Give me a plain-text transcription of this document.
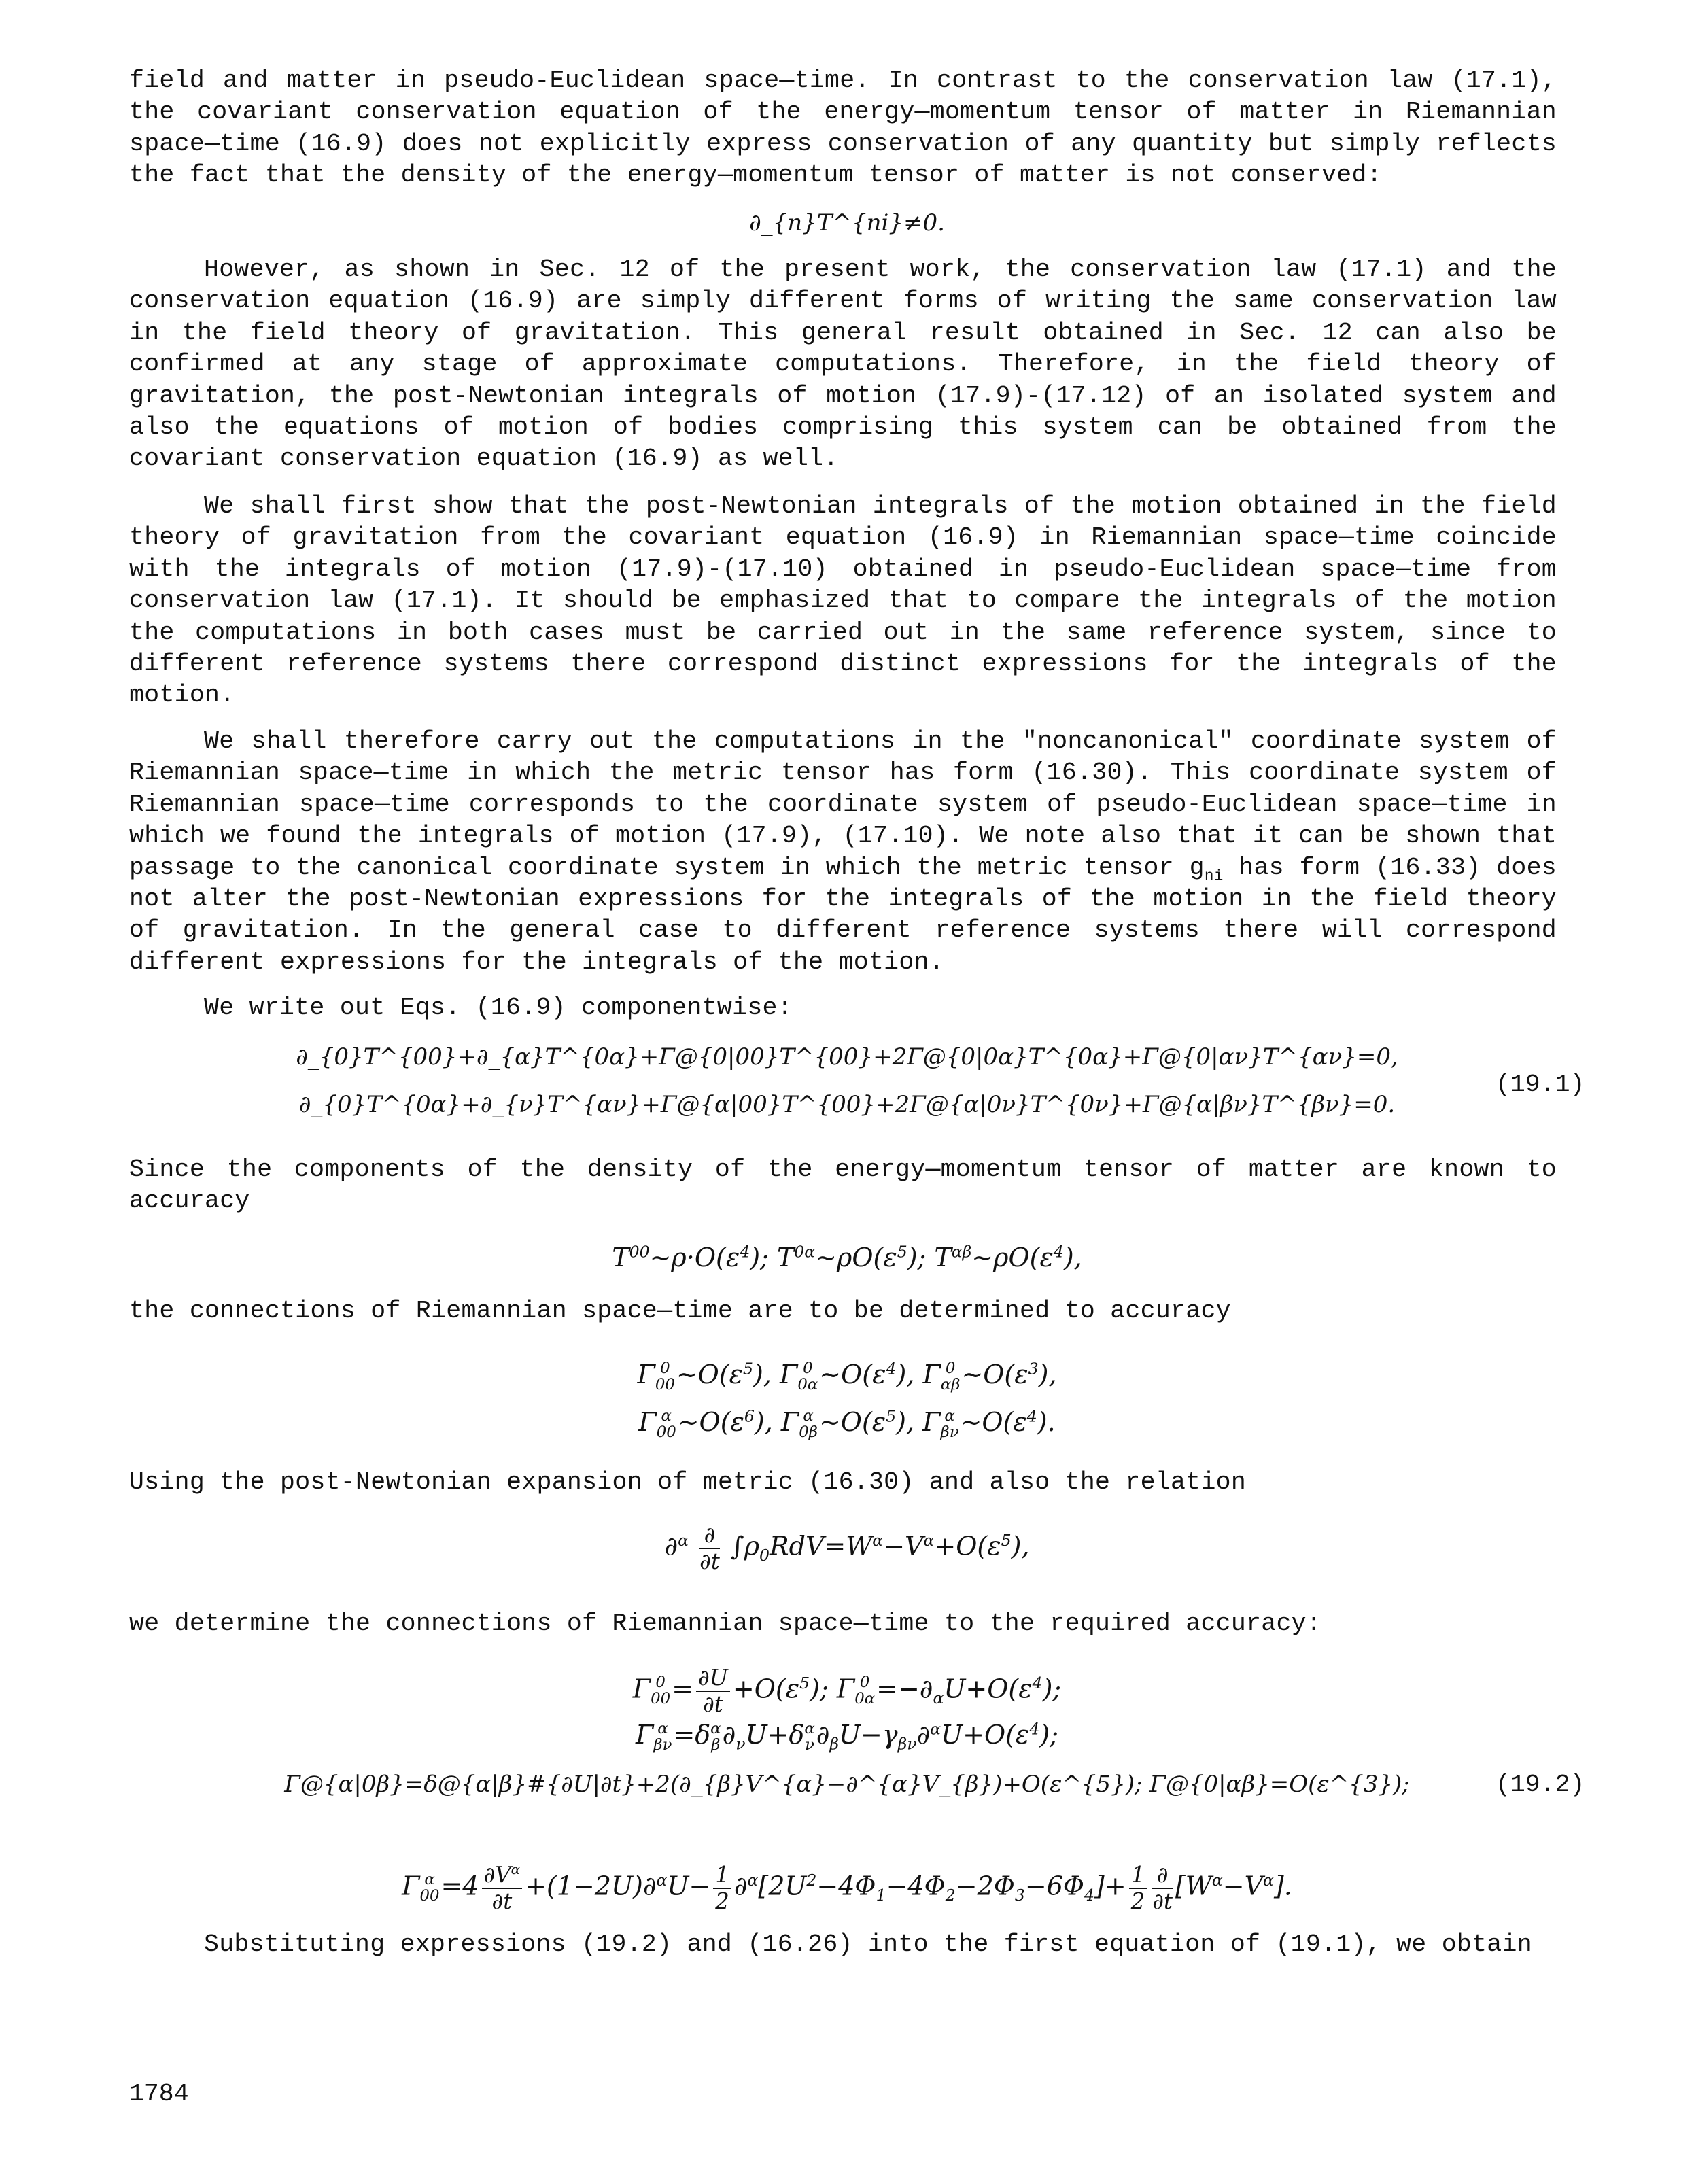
field and matter in pseudo-Euclidean space—time. In contrast to the conservation law (17.1), the covariant conservation equation of the energy—momentum tensor of matter in Riemannian space—time (16.9) does not explicitly express conservation of any quantity but simply reflects the fact that the density of the energy—momentum tensor of matter is not conserved:
∂_{n}T^{ni}≠0.
However, as shown in Sec. 12 of the present work, the conservation law (17.1) and the conservation equation (16.9) are simply different forms of writing the same conservation law in the field theory of gravitation. This general result obtained in Sec. 12 can also be confirmed at any stage of approximate computations. Therefore, in the field theory of gravitation, the post-Newtonian integrals of motion (17.9)-(17.12) of an isolated system and also the equations of motion of bodies comprising this system can be obtained from the covariant conservation equation (16.9) as well.
We shall first show that the post-Newtonian integrals of the motion obtained in the field theory of gravitation from the covariant equation (16.9) in Riemannian space—time coincide with the integrals of motion (17.9)-(17.10) obtained in pseudo-Euclidean space—time from conservation law (17.1). It should be emphasized that to compare the integrals of the motion the computations in both cases must be carried out in the same reference system, since to different reference systems there correspond distinct expressions for the integrals of the motion.
We shall therefore carry out the computations in the "noncanonical" coordinate system of Riemannian space—time in which the metric tensor has form (16.30). This coordinate system of Riemannian space—time corresponds to the coordinate system of pseudo-Euclidean space—time in which we found the integrals of motion (17.9), (17.10). We note also that it can be shown that passage to the canonical coordinate system in which the metric tensor $g_{ni}$ has form (16.33) does not alter the post-Newtonian expressions for the integrals of the motion in the field theory of gravitation. In the general case to different reference systems there will correspond different expressions for the integrals of the motion.
We write out Eqs. (16.9) componentwise:
∂_{0}T^{00}+∂_{α}T^{0α}+Γ@{0|00}T^{00}+2Γ@{0|0α}T^{0α}+Γ@{0|αν}T^{αν}=0,
∂_{0}T^{0α}+∂_{ν}T^{αν}+Γ@{α|00}T^{00}+2Γ@{α|0ν}T^{0ν}+Γ@{α|βν}T^{βν}=0.
(19.1)
Since the components of the density of the energy—momentum tensor of matter are known to accuracy
$T^{00}\sim\rho\cdot O(\varepsilon^4)$; $T^{0\alpha}\sim\rho O(\varepsilon^5)$; $T^{\alpha\beta}\sim\rho O(\varepsilon^4)$,
the connections of Riemannian space—time are to be determined to accuracy
Γ 0
00 $\sim O(\varepsilon^5)$, Γ 0
0α $\sim O(\varepsilon^4)$, Γ 0
αβ $\sim O(\varepsilon^3)$,
Γ α
00 $\sim O(\varepsilon^6)$, Γ α
0β $\sim O(\varepsilon^5)$, Γ α
βν $\sim O(\varepsilon^4)$.
Using the post-Newtonian expansion of metric (16.30) and also the relation
∂$^\alpha$ ∂
∂t
$\int\rho_0RdV=W^\alpha-V^\alpha+O(\varepsilon^5)$,
we determine the connections of Riemannian space—time to the required accuracy:
Γ 0
$00 = \frac{\partial U}{\partial t} +O(\varepsilon^5)$; Γ 0
$0\alpha =-\partial_\alpha U+O(\varepsilon^4)$;
Γ α
βν =δ α
β $\partial_\nu U+\delta$ α
ν $\partial_\beta U-\gamma_{\beta\nu}\partial^\alpha U+O(\varepsilon^4)$;
Γ@{α|0β}=δ@{α|β}#{∂U|∂t}+2(∂_{β}V^{α}−∂^{α}V_{β})+O(ε^{5}); Γ@{0|αβ}=O(ε^{3});	(19.2)
Γ α
$00 =4 \frac{\partial V^\alpha}{\partial t} +(1-2U)\partial^\alpha U- \frac{1}{2} \partial^\alpha[2U^2-4\Phi_1-4\Phi_2-2\Phi_3-6\Phi_4]+ \frac{1}{2}$ ∂
∂t
$[W^\alpha-V^\alpha]$.
Substituting expressions (19.2) and (16.26) into the first equation of (19.1), we obtain
1784
